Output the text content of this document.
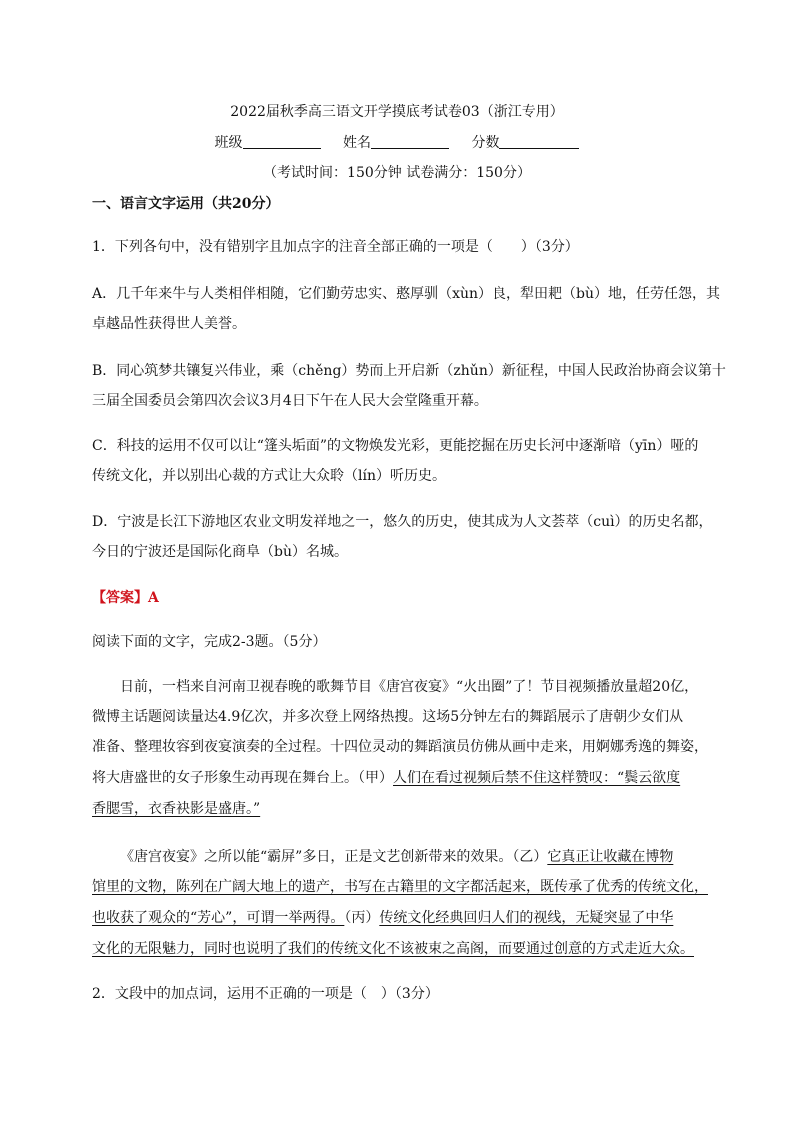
2022届秋季高三语文开学摸底考试卷03（浙江专用）
班级	姓名	分数
（考试时间：150分钟 试卷满分：150分）
一、语言文字运用（共20分）
1．下列各句中，没有错别字且加点字的注音全部正确的一项是（　　）（3分）
A．几千年来牛与人类相伴相随，它们勤劳忠实、憨厚驯（xùn）良，犁田耙（bù）地，任劳任怨，其
卓越品性获得世人美誉。
B．同心筑梦共镶复兴伟业，乘（chěng）势而上开启新（zhǔn）新征程，中国人民政治协商会议第十
三届全国委员会第四次会议3月4日下午在人民大会堂隆重开幕。
C．科技的运用不仅可以让“篷头垢面”的文物焕发光彩，更能挖掘在历史长河中逐渐喑（yīn）哑的
传统文化，并以别出心裁的方式让大众聆（lín）听历史。
D．宁波是长江下游地区农业文明发祥地之一，悠久的历史，使其成为人文荟萃（cuì）的历史名都，
今日的宁波还是国际化商阜（bù）名城。
【答案】A
阅读下面的文字，完成2-3题。（5分）
日前，一档来自河南卫视春晚的歌舞节目《唐宫夜宴》“火出圈”了！节目视频播放量超20亿，
微博主话题阅读量达4.9亿次，并多次登上网络热搜。这场5分钟左右的舞蹈展示了唐朝少女们从
准备、整理妆容到夜宴演奏的全过程。十四位灵动的舞蹈演员仿佛从画中走来，用婀娜秀逸的舞姿，
将大唐盛世的女子形象生动再现在舞台上。（甲）人们在看过视频后禁不住这样赞叹：“鬓云欲度
香腮雪，衣香袂影是盛唐。”
《唐宫夜宴》之所以能“霸屏”多日，正是文艺创新带来的效果。（乙）它真正让收藏在博物
馆里的文物，陈列在广阔大地上的遗产，书写在古籍里的文字都活起来，既传承了优秀的传统文化，
也收获了观众的“芳心”，可谓一举两得。（丙）传统文化经典回归人们的视线，无疑突显了中华
文化的无限魅力，同时也说明了我们的传统文化不该被束之高阁，而要通过创意的方式走近大众。
2．文段中的加点词，运用不正确的一项是（　）（3分）
